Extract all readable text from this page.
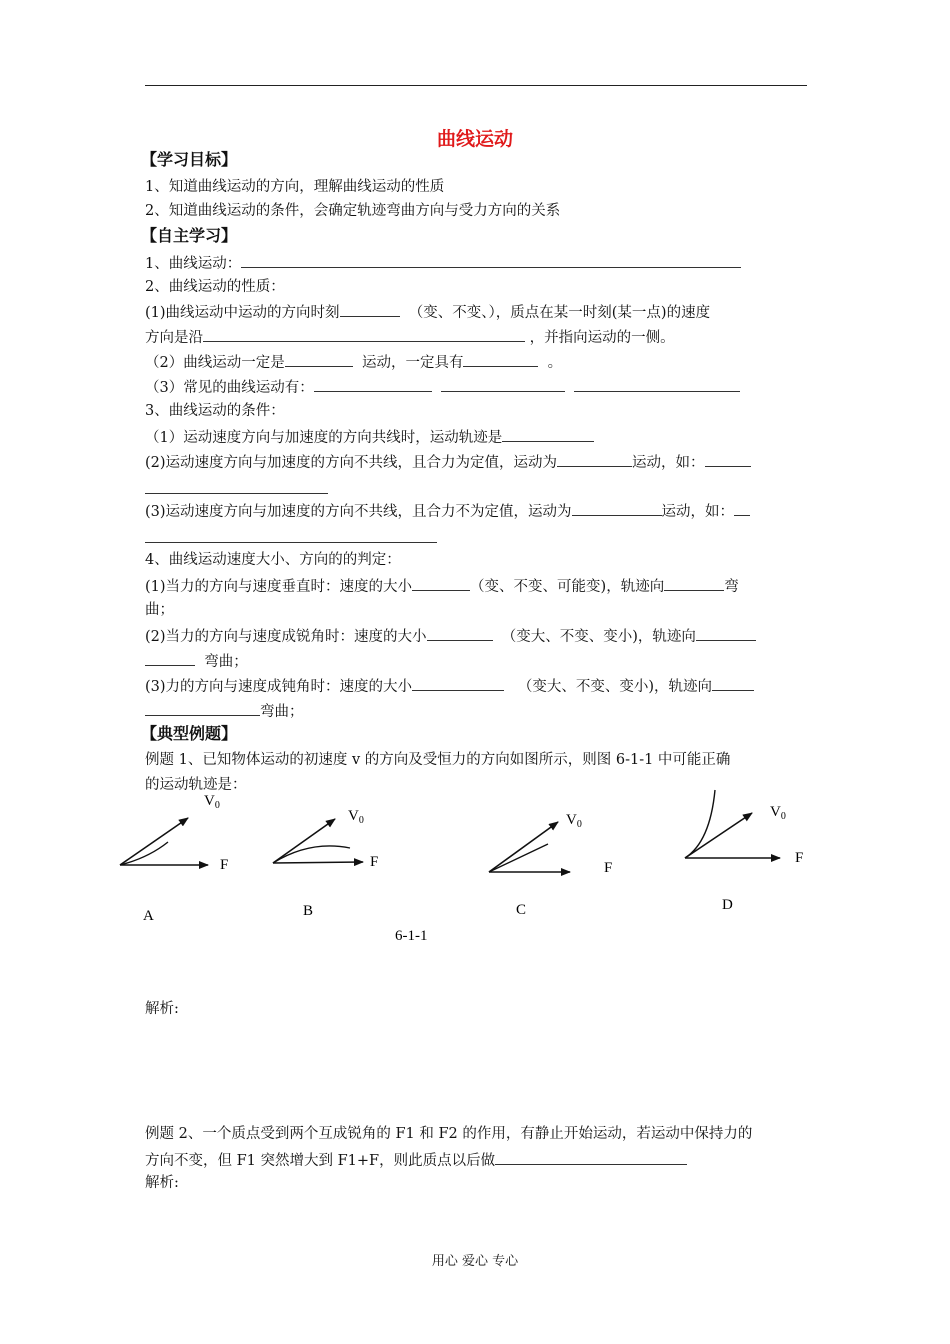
曲线运动
【学习目标】
1、知道曲线运动的方向，理解曲线运动的性质
2、知道曲线运动的条件，会确定轨迹弯曲方向与受力方向的关系
【自主学习】
1、曲线运动：
2、曲线运动的性质：
(1)曲线运动中运动的方向时刻	（变、不变、），质点在某一时刻(某一点)的速度
方向是沿	，并指向运动的一侧。
（2）曲线运动一定是	运动，一定具有	。
（3）常见的曲线运动有：
3、曲线运动的条件：
（1）运动速度方向与加速度的方向共线时，运动轨迹是
(2)运动速度方向与加速度的方向不共线，且合力为定值，运动为	运动，如：
(3)运动速度方向与加速度的方向不共线，且合力不为定值，运动为	运动，如：
4、曲线运动速度大小、方向的的判定：
(1)当力的方向与速度垂直时：速度的大小	（变、不变、可能变)，轨迹向	弯
曲；
(2)当力的方向与速度成锐角时：速度的大小	（变大、不变、变小)，轨迹向
弯曲；
(3)力的方向与速度成钝角时：速度的大小	（变大、不变、变小)，轨迹向
弯曲；
【典型例题】
例题 1、已知物体运动的初速度 v 的方向及受恒力的方向如图所示，则图 6-1-1 中可能正确
的运动轨迹是：
$V_0$
F
A
$V_0$
F
B
$V_0$
F
C
$V_0$
F
D
6-1-1
解析:
例题 2、一个质点受到两个互成锐角的 F1 和 F2 的作用，有静止开始运动，若运动中保持力的
方向不变，但 F1 突然增大到 F1+F，则此质点以后做
解析:
用心 爱心 专心
